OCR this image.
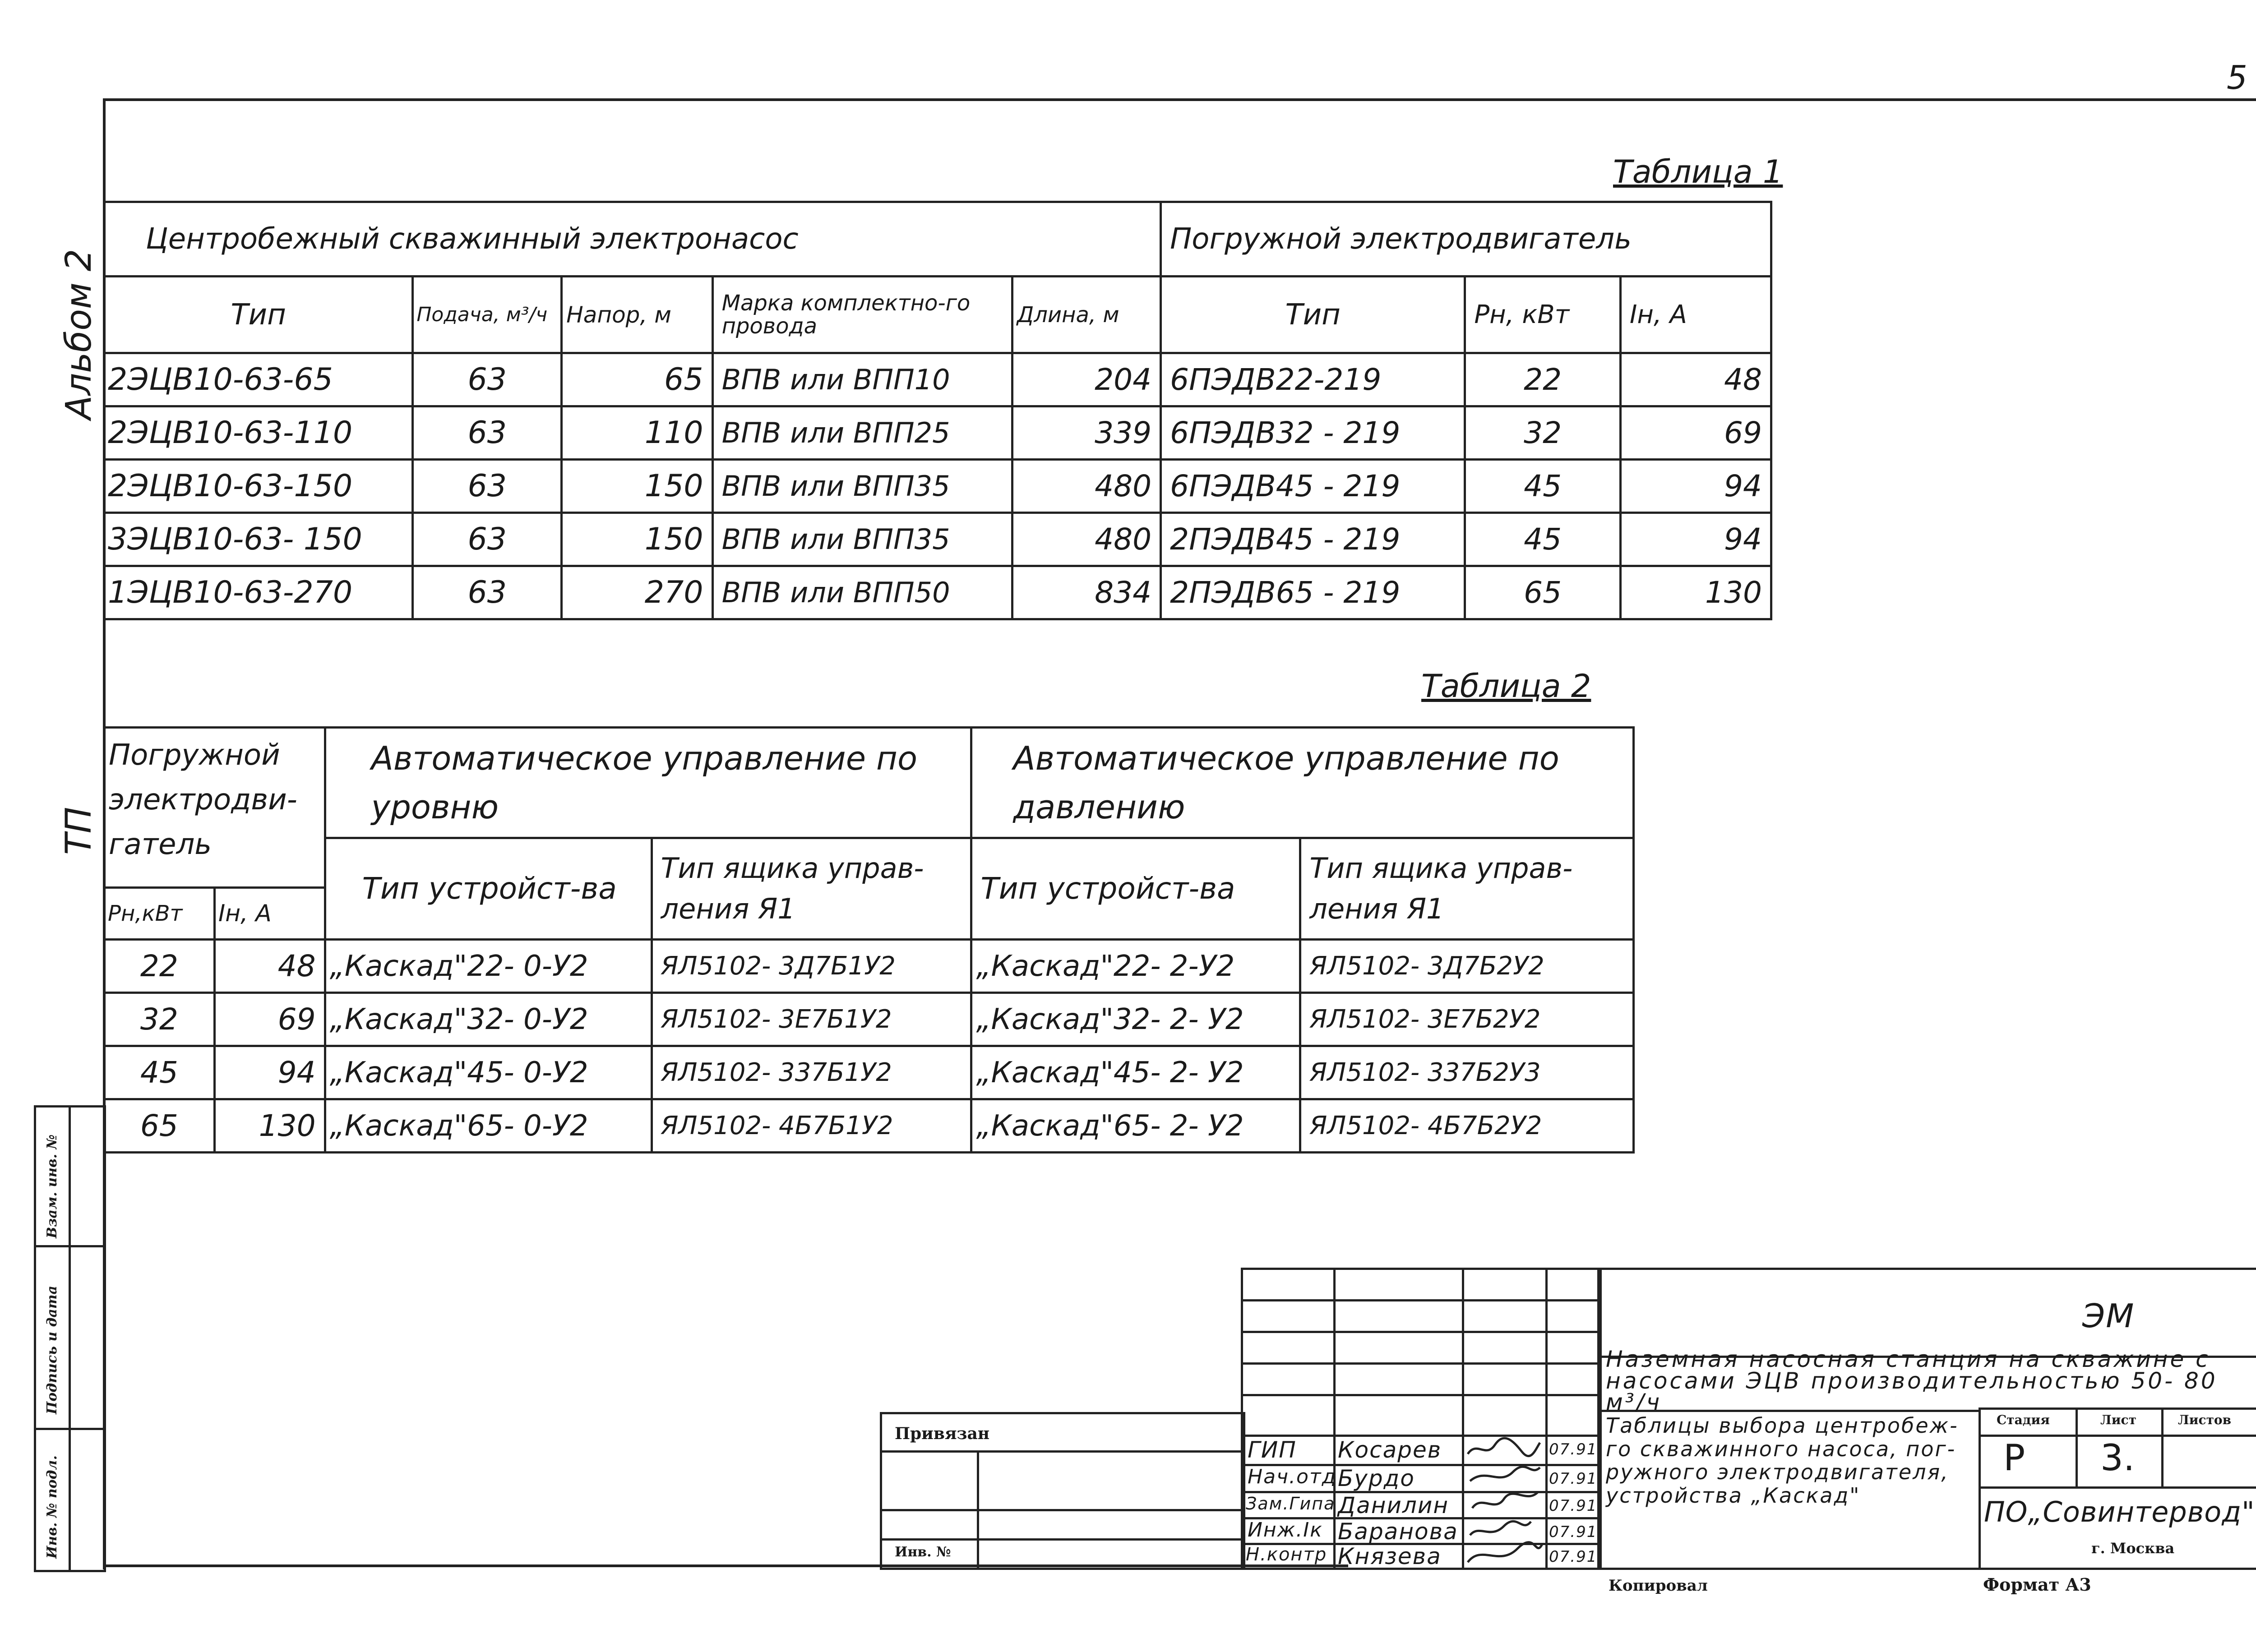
5
Альбом 2
ТП
Инв. № подл.
Подпись и дата
Взам. инв. №
Таблица 1
Центробежный скважинный электронасос					Погружной электродвигатель		
Тип	Подача, м³/ч	Напор, м	Марка комплектно-го провода	Длина, м	Тип	Рн, кВт	Iн, А
2ЭЦВ10-63-65	63	65	ВПВ или ВПП10	204	6ПЭДВ22-219	22	48
2ЭЦВ10-63-110	63	110	ВПВ или ВПП25	339	6ПЭДВ32 - 219	32	69
2ЭЦВ10-63-150	63	150	ВПВ или ВПП35	480	6ПЭДВ45 - 219	45	94
3ЭЦВ10-63- 150	63	150	ВПВ или ВПП35	480	2ПЭДВ45 - 219	45	94
1ЭЦВ10-63-270	63	270	ВПВ или ВПП50	834	2ПЭДВ65 - 219	65	130
Таблица 2
Погружной электродви-гатель		Автоматическое управление по уровню		Автоматическое управление по давлению	
		Тип устройст-ва	Тип ящика управ-ления Я1	Тип устройст-ва	Тип ящика управ-ления Я1
Рн,кВт	Iн, А				
22	48	„Каскад"22- 0-У2	ЯЛ5102- 3Д7Б1У2	„Каскад"22- 2-У2	ЯЛ5102- 3Д7Б2У2
32	69	„Каскад"32- 0-У2	ЯЛ5102- 3Е7Б1У2	„Каскад"32- 2- У2	ЯЛ5102- 3Е7Б2У2
45	94	„Каскад"45- 0-У2	ЯЛ5102- 337Б1У2	„Каскад"45- 2- У2	ЯЛ5102- 337Б2У3
65	130	„Каскад"65- 0-У2	ЯЛ5102- 4Б7Б1У2	„Каскад"65- 2- У2	ЯЛ5102- 4Б7Б2У2
Привязан
Инв. №
ГИП Косарев	07.91
Нач.отд Бурдо	07.91
Зам.Гипа Данилин	07.91
Инж.Iк Баранова	07.91
Н.контр Князева	07.91
ЭМ
Наземная насосная станция на скважине с насосами ЭЦВ производительностью 50- 80 м³/ч
Стадия	Лист	Листов
Р 3.
Таблицы выбора центробеж-го скважинного насоса, пог-ружного электродвигателя, устройства „Каскад"
ПО„Совинтервод"
г. Москва
Копировал	Формат А3
